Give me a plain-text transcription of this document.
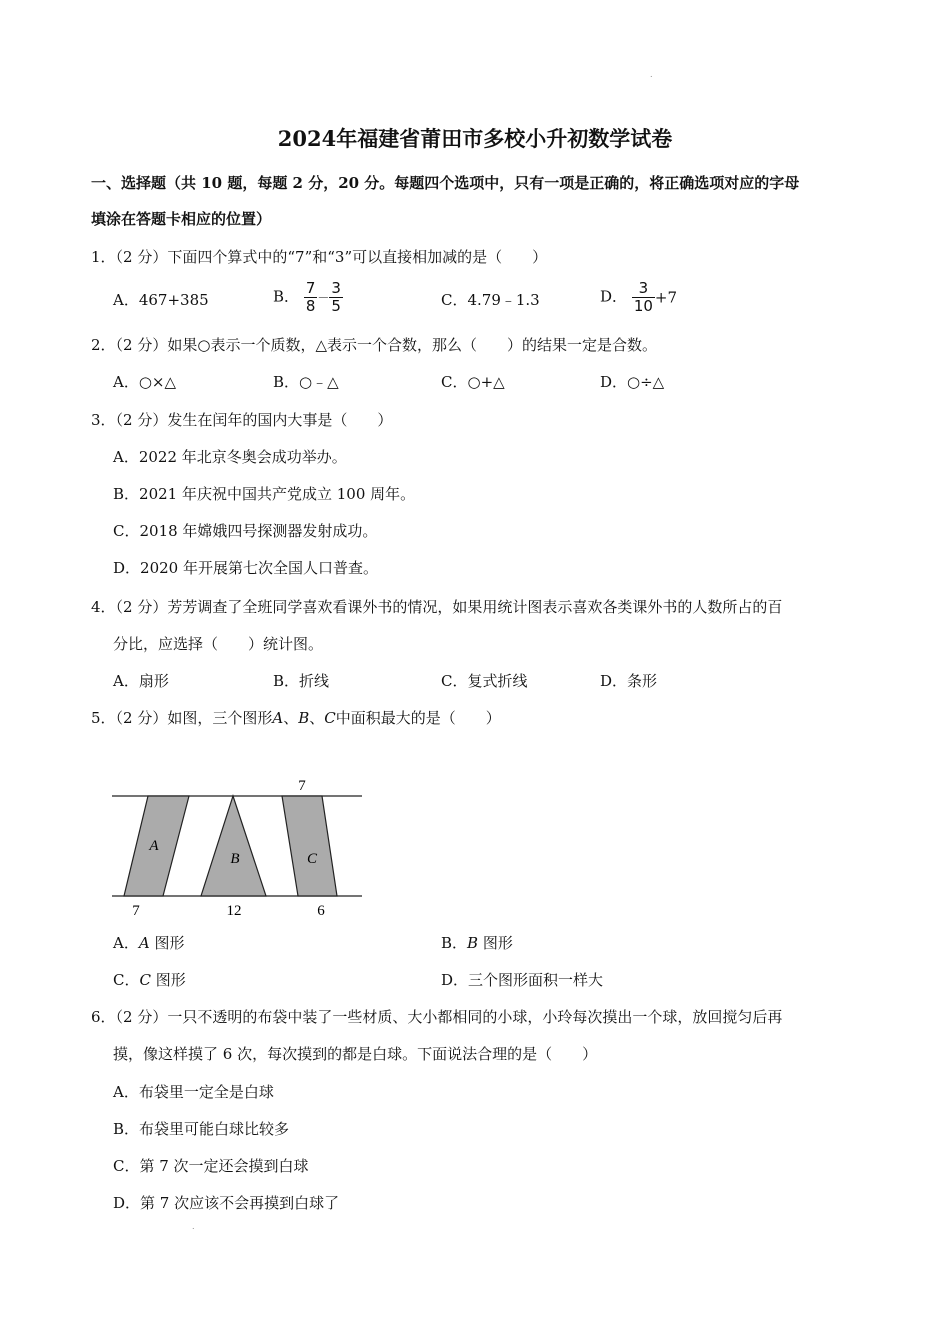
.
2024年福建省莆田市多校小升初数学试卷
一、选择题（共 10 题，每题 2 分，20 分。每题四个选项中，只有一项是正确的，将正确选项对应的字母
填涂在答题卡相应的位置）
1．（2 分）下面四个算式中的“7”和“3”可以直接相加减的是（　　）
A．467+385	B． $\frac{7}{8} - \frac{3}{5}$	C．4.79﹣1.3	D． $\frac{3}{10} +7$
2．（2 分）如果○表示一个质数，△表示一个合数，那么（　　）的结果一定是合数。
A．○×△	B．○﹣△	C．○+△	D．○÷△
3．（2 分）发生在闰年的国内大事是（　　）
A．2022 年北京冬奥会成功举办。
B．2021 年庆祝中国共产党成立 100 周年。
C．2018 年嫦娥四号探测器发射成功。
D．2020 年开展第七次全国人口普查。
4．（2 分）芳芳调查了全班同学喜欢看课外书的情况，如果用统计图表示喜欢各类课外书的人数所占的百
分比，应选择（　　）统计图。
A．扇形	B．折线	C．复式折线	D．条形
5．（2 分）如图，三个图形A、B、C中面积最大的是（　　）
A
B	C
7
7	12	6
A．A 图形	B．B 图形
C．C 图形	D．三个图形面积一样大
6．（2 分）一只不透明的布袋中装了一些材质、大小都相同的小球，小玲每次摸出一个球，放回搅匀后再
摸，像这样摸了 6 次，每次摸到的都是白球。下面说法合理的是（　　）
A．布袋里一定全是白球
B．布袋里可能白球比较多
C．第 7 次一定还会摸到白球
D．第 7 次应该不会再摸到白球了
.
